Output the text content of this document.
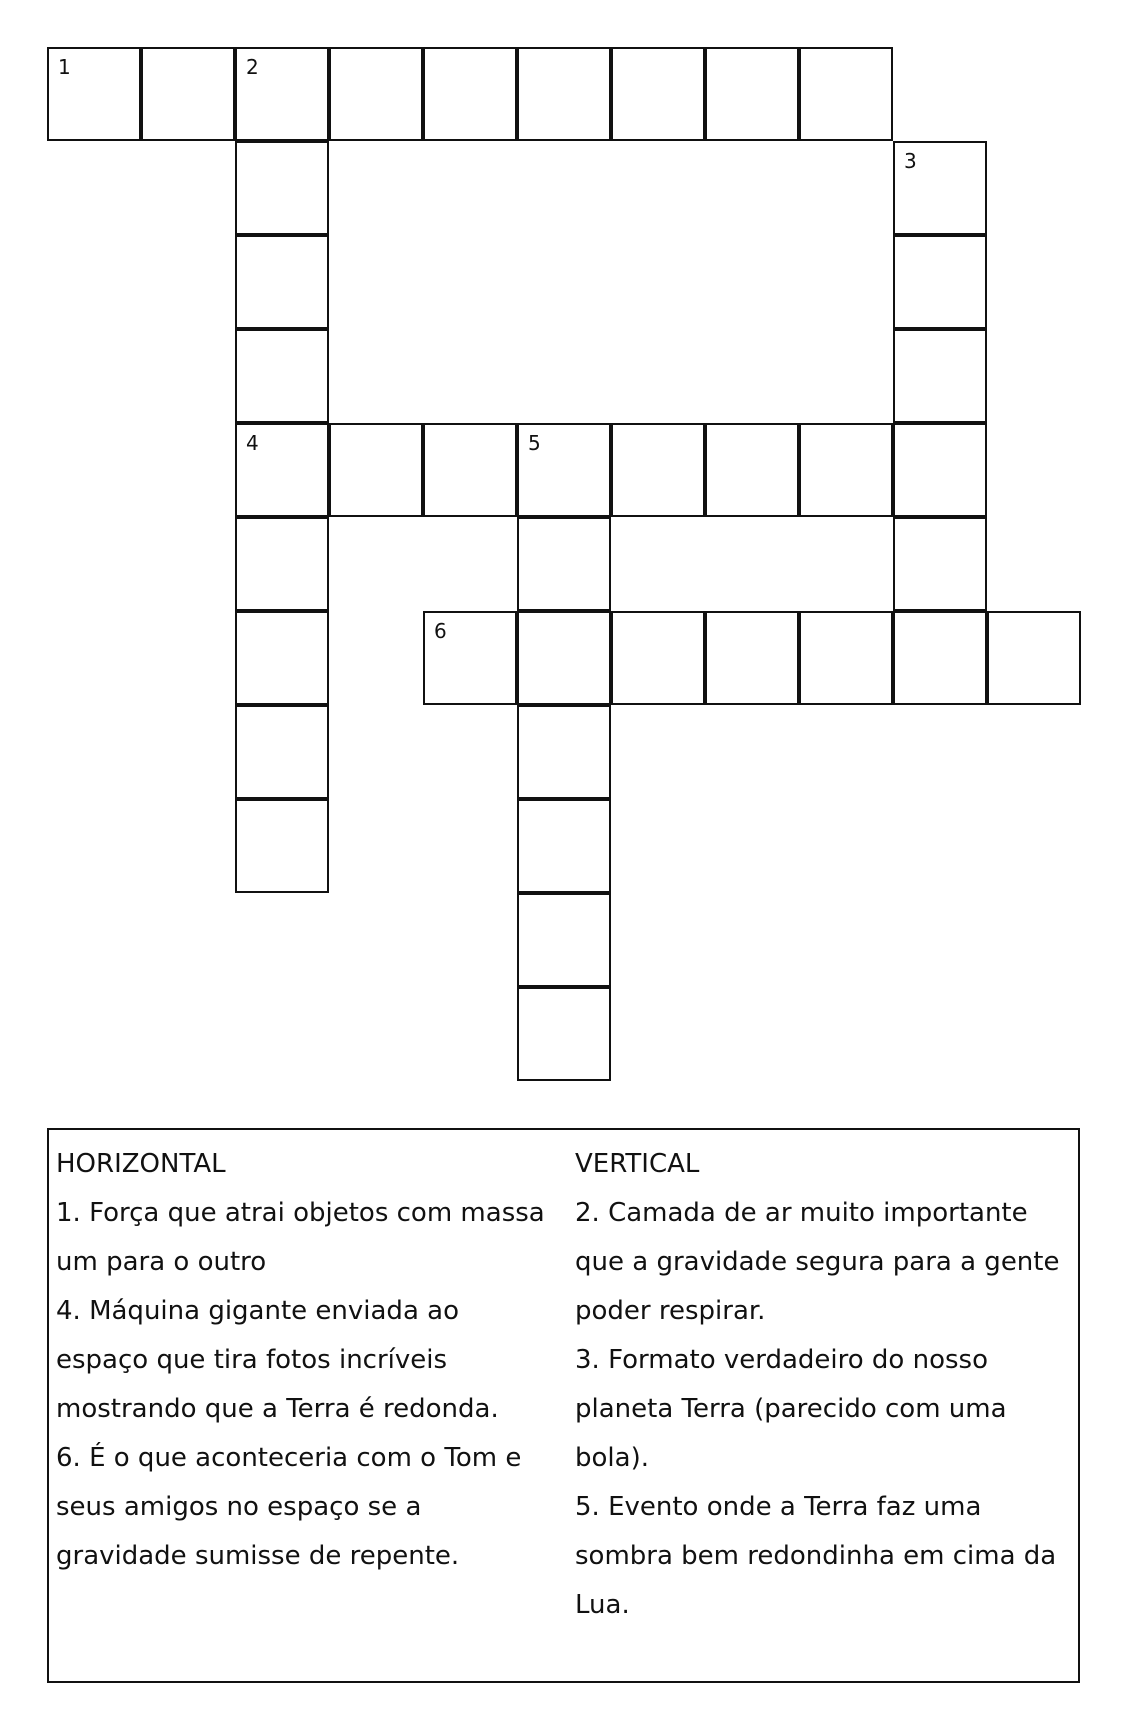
1	2
3
4	5
6
HORIZONTAL
1. Força que atrai objetos com massa
um para o outro
4. Máquina gigante enviada ao
espaço que tira fotos incríveis
mostrando que a Terra é redonda.
6. É o que aconteceria com o Tom e
seus amigos no espaço se a
gravidade sumisse de repente.
VERTICAL
2. Camada de ar muito importante
que a gravidade segura para a gente
poder respirar.
3. Formato verdadeiro do nosso
planeta Terra (parecido com uma
bola).
5. Evento onde a Terra faz uma
sombra bem redondinha em cima da
Lua.
